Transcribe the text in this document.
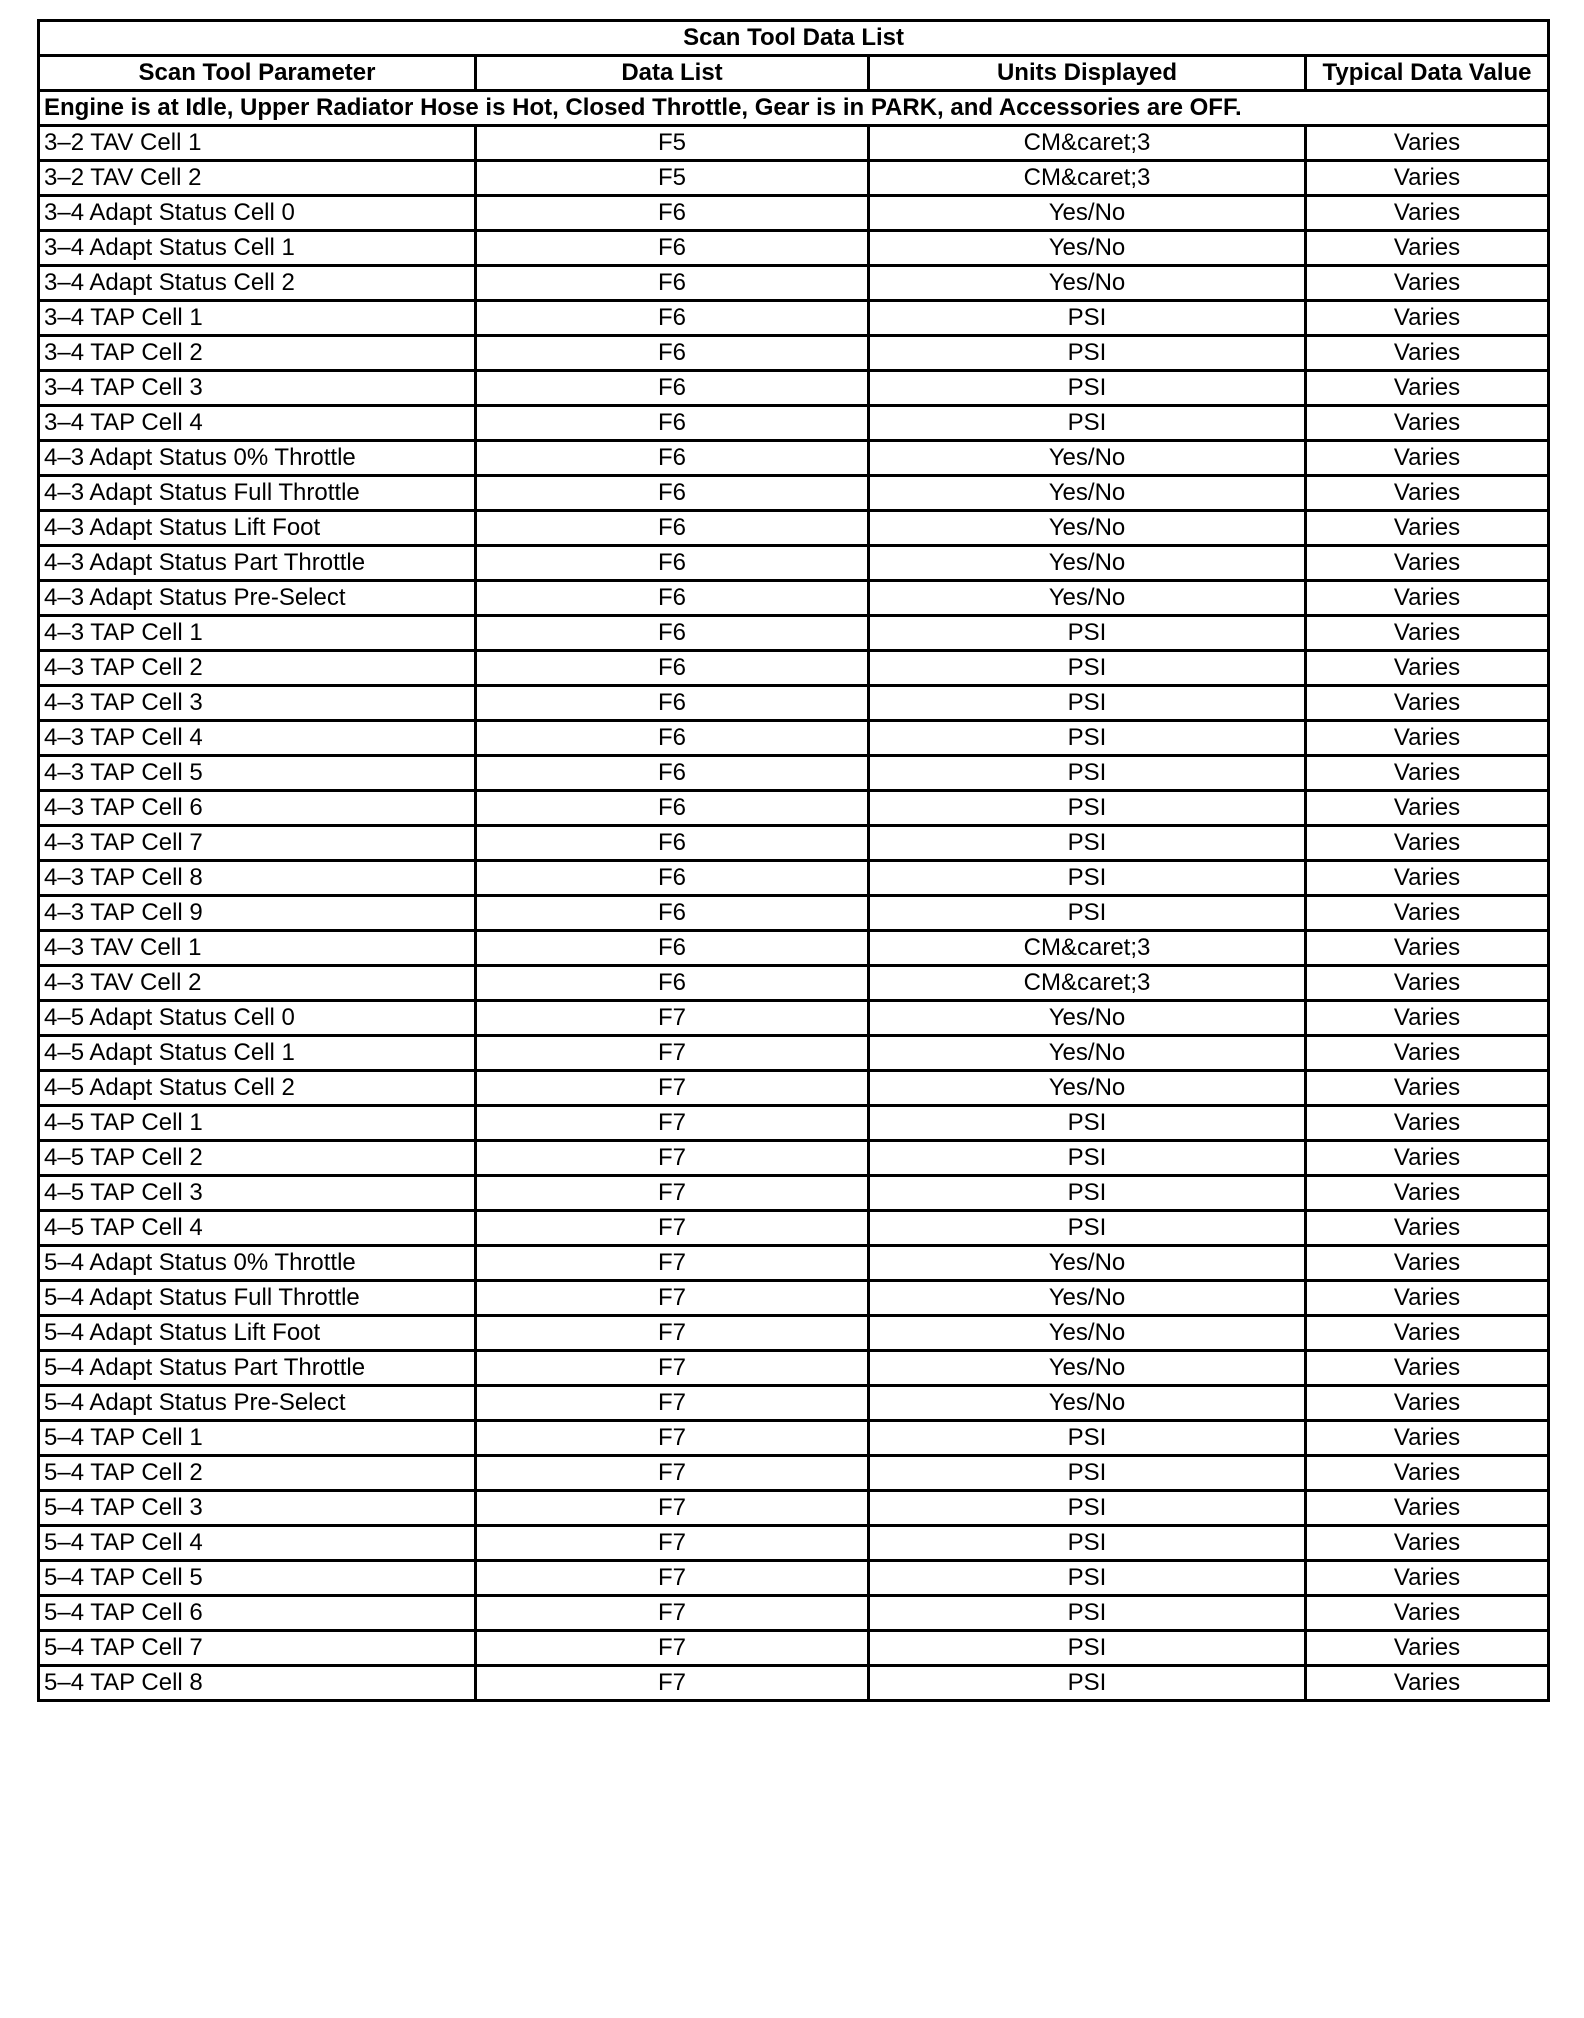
Scan Tool Data List			
Scan Tool Parameter	Data List	Units Displayed	Typical Data Value
Engine is at Idle, Upper Radiator Hose is Hot, Closed Throttle, Gear is in PARK, and Accessories are OFF.			
3–2 TAV Cell 1	F5	CM&caret;3	Varies
3–2 TAV Cell 2	F5	CM&caret;3	Varies
3–4 Adapt Status Cell 0	F6	Yes/No	Varies
3–4 Adapt Status Cell 1	F6	Yes/No	Varies
3–4 Adapt Status Cell 2	F6	Yes/No	Varies
3–4 TAP Cell 1	F6	PSI	Varies
3–4 TAP Cell 2	F6	PSI	Varies
3–4 TAP Cell 3	F6	PSI	Varies
3–4 TAP Cell 4	F6	PSI	Varies
4–3 Adapt Status 0% Throttle	F6	Yes/No	Varies
4–3 Adapt Status Full Throttle	F6	Yes/No	Varies
4–3 Adapt Status Lift Foot	F6	Yes/No	Varies
4–3 Adapt Status Part Throttle	F6	Yes/No	Varies
4–3 Adapt Status Pre-Select	F6	Yes/No	Varies
4–3 TAP Cell 1	F6	PSI	Varies
4–3 TAP Cell 2	F6	PSI	Varies
4–3 TAP Cell 3	F6	PSI	Varies
4–3 TAP Cell 4	F6	PSI	Varies
4–3 TAP Cell 5	F6	PSI	Varies
4–3 TAP Cell 6	F6	PSI	Varies
4–3 TAP Cell 7	F6	PSI	Varies
4–3 TAP Cell 8	F6	PSI	Varies
4–3 TAP Cell 9	F6	PSI	Varies
4–3 TAV Cell 1	F6	CM&caret;3	Varies
4–3 TAV Cell 2	F6	CM&caret;3	Varies
4–5 Adapt Status Cell 0	F7	Yes/No	Varies
4–5 Adapt Status Cell 1	F7	Yes/No	Varies
4–5 Adapt Status Cell 2	F7	Yes/No	Varies
4–5 TAP Cell 1	F7	PSI	Varies
4–5 TAP Cell 2	F7	PSI	Varies
4–5 TAP Cell 3	F7	PSI	Varies
4–5 TAP Cell 4	F7	PSI	Varies
5–4 Adapt Status 0% Throttle	F7	Yes/No	Varies
5–4 Adapt Status Full Throttle	F7	Yes/No	Varies
5–4 Adapt Status Lift Foot	F7	Yes/No	Varies
5–4 Adapt Status Part Throttle	F7	Yes/No	Varies
5–4 Adapt Status Pre-Select	F7	Yes/No	Varies
5–4 TAP Cell 1	F7	PSI	Varies
5–4 TAP Cell 2	F7	PSI	Varies
5–4 TAP Cell 3	F7	PSI	Varies
5–4 TAP Cell 4	F7	PSI	Varies
5–4 TAP Cell 5	F7	PSI	Varies
5–4 TAP Cell 6	F7	PSI	Varies
5–4 TAP Cell 7	F7	PSI	Varies
5–4 TAP Cell 8	F7	PSI	Varies
